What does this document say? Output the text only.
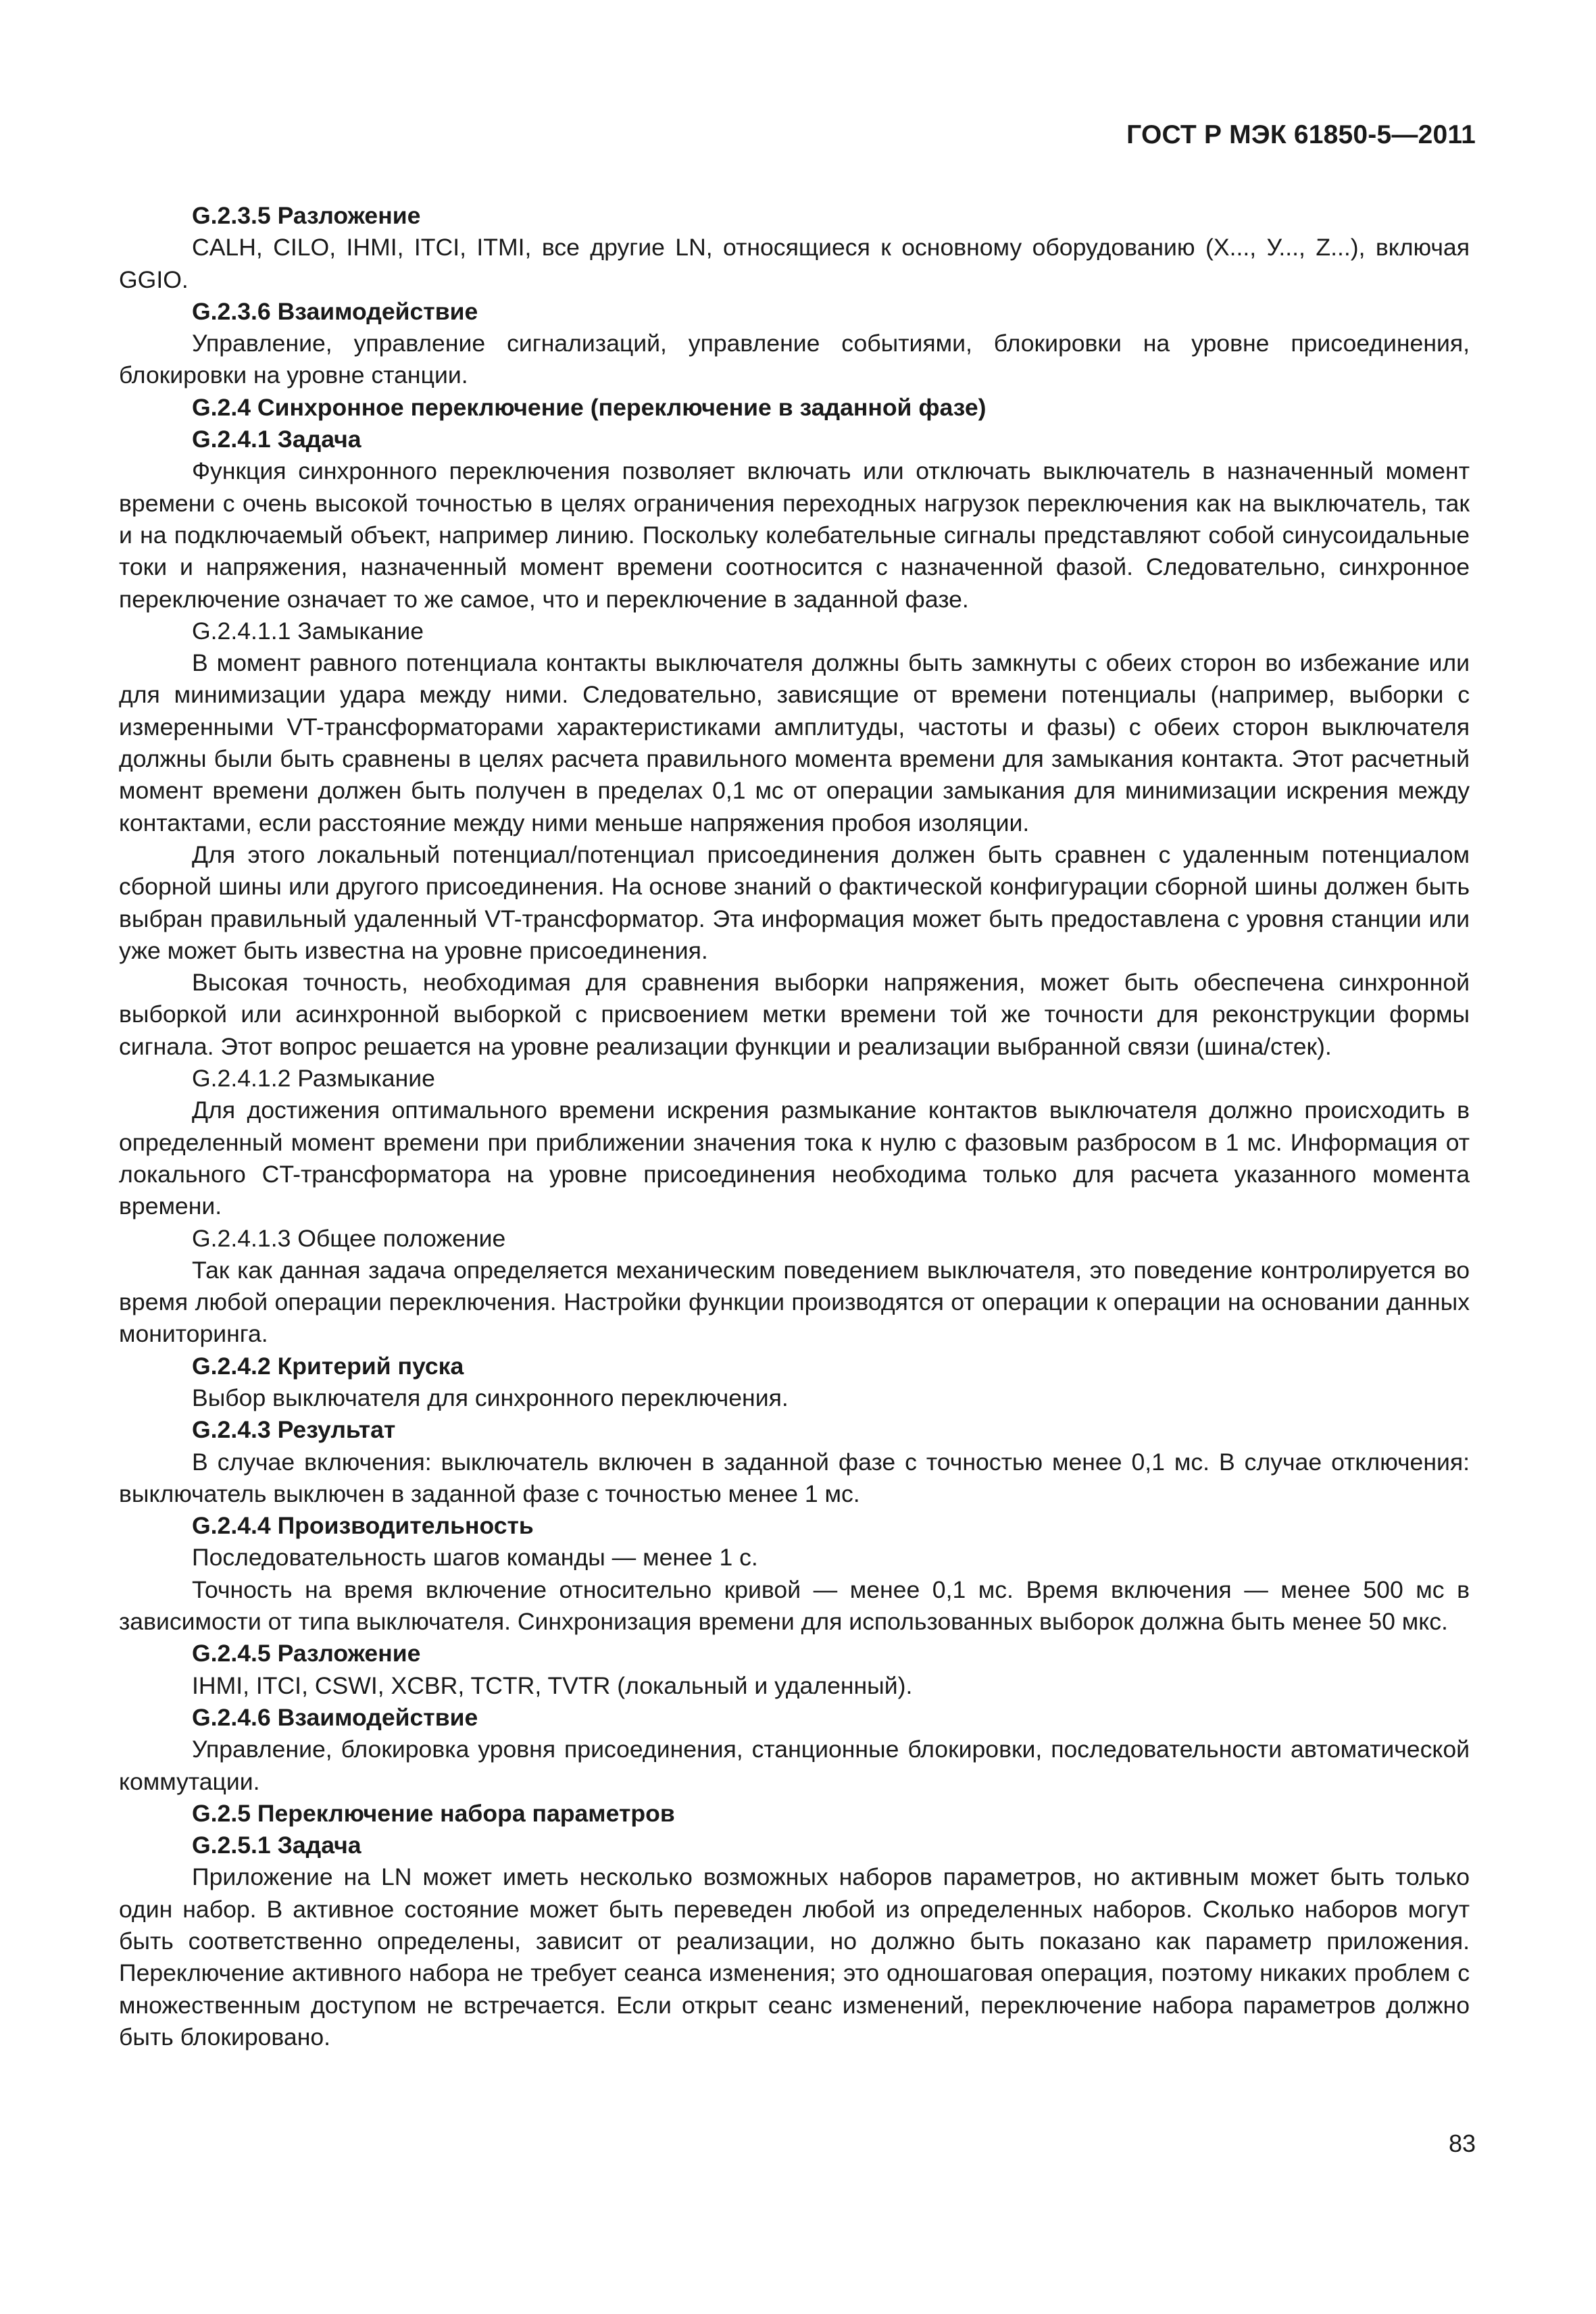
ГОСТ Р МЭК 61850-5—2011

G.2.3.5 Разложение

CALH, CILO, IHMI, ITCI, ITMI, все другие LN, относящиеся к основному оборудованию (X..., У..., Z...), включая GGIO.

G.2.3.6 Взаимодействие

Управление, управление сигнализаций, управление событиями, блокировки на уровне присоединения, блокировки на уровне станции.

G.2.4 Синхронное переключение (переключение в заданной фазе)

G.2.4.1 Задача

Функция синхронного переключения позволяет включать или отключать выключатель в назначенный момент времени с очень высокой точностью в целях ограничения переходных нагрузок переключения как на выключатель, так и на подключаемый объект, например линию. Поскольку колебательные сигналы представляют собой синусоидальные токи и напряжения, назначенный момент времени соотносится с назначенной фазой. Следовательно, синхронное переключение означает то же самое, что и переключение в заданной фазе.

G.2.4.1.1 Замыкание

В момент равного потенциала контакты выключателя должны быть замкнуты с обеих сторон во избежание или для минимизации удара между ними. Следовательно, зависящие от времени потенциалы (например, выборки с измеренными VT-трансформаторами характеристиками амплитуды, частоты и фазы) с обеих сторон выключателя должны были быть сравнены в целях расчета правильного момента времени для замыкания контакта. Этот расчетный момент времени должен быть получен в пределах 0,1 мс от операции замыкания для минимизации искрения между контактами, если расстояние между ними меньше напряжения пробоя изоляции.

Для этого локальный потенциал/потенциал присоединения должен быть сравнен с удаленным потенциалом сборной шины или другого присоединения. На основе знаний о фактической конфигурации сборной шины должен быть выбран правильный удаленный VT-трансформатор. Эта информация может быть предоставлена с уровня станции или уже может быть известна на уровне присоединения.

Высокая точность, необходимая для сравнения выборки напряжения, может быть обеспечена синхронной выборкой или асинхронной выборкой с присвоением метки времени той же точности для реконструкции формы сигнала. Этот вопрос решается на уровне реализации функции и реализации выбранной связи (шина/стек).

G.2.4.1.2 Размыкание

Для достижения оптимального времени искрения размыкание контактов выключателя должно происходить в определенный момент времени при приближении значения тока к нулю с фазовым разбросом в 1 мс. Информация от локального CT-трансформатора на уровне присоединения необходима только для расчета указанного момента времени.

G.2.4.1.3 Общее положение

Так как данная задача определяется механическим поведением выключателя, это поведение контролируется во время любой операции переключения. Настройки функции производятся от операции к операции на основании данных мониторинга.

G.2.4.2 Критерий пуска

Выбор выключателя для синхронного переключения.

G.2.4.3 Результат

В случае включения: выключатель включен в заданной фазе с точностью менее 0,1 мс. В случае отключения: выключатель выключен в заданной фазе с точностью менее 1 мс.

G.2.4.4 Производительность

Последовательность шагов команды — менее 1 с.

Точность на время включение относительно кривой — менее 0,1 мс. Время включения — менее 500 мс в зависимости от типа выключателя. Синхронизация времени для использованных выборок должна быть менее 50 мкс.

G.2.4.5 Разложение

IHMI, ITCI, CSWI, XCBR, TCTR, TVTR (локальный и удаленный).

G.2.4.6 Взаимодействие

Управление, блокировка уровня присоединения, станционные блокировки, последовательности автоматической коммутации.

G.2.5 Переключение набора параметров

G.2.5.1 Задача

Приложение на LN может иметь несколько возможных наборов параметров, но активным может быть только один набор. В активное состояние может быть переведен любой из определенных наборов. Сколько наборов могут быть соответственно определены, зависит от реализации, но должно быть показано как параметр приложения. Переключение активного набора не требует сеанса изменения; это одношаговая операция, поэтому никаких проблем с множественным доступом не встречается. Если открыт сеанс изменений, переключение набора параметров должно быть блокировано.

83
